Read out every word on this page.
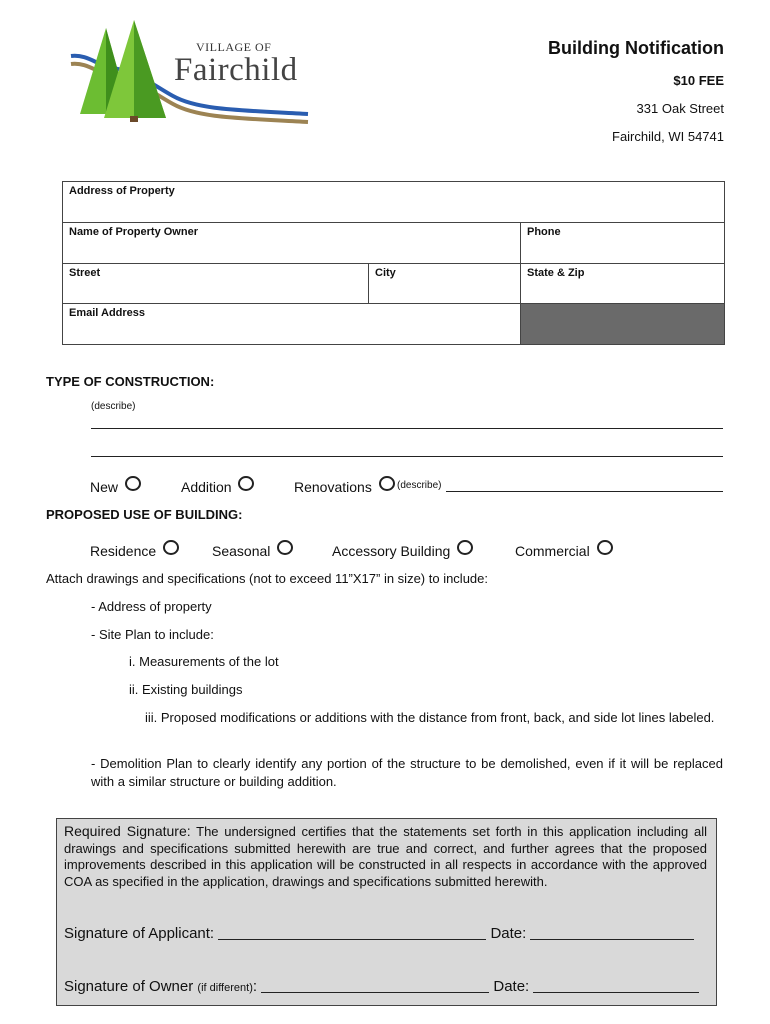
VILLAGE OF
Fairchild
Building Notification
$10 FEE
331 Oak Street
Fairchild, WI 54741
Address of Property
Name of Property Owner	Phone
Street	City	State & Zip
Email Address
TYPE OF CONSTRUCTION:
(describe)
New	Addition	Renovations	(describe)
PROPOSED USE OF BUILDING:
Residence	Seasonal	Accessory Building	Commercial
Attach drawings and specifications (not to exceed 11”X17” in size) to include:
- Address of property
- Site Plan to include:
i. Measurements of the lot
ii. Existing buildings
iii. Proposed modifications or additions with the distance from front, back, and side lot lines labeled.
- Demolition Plan to clearly identify any portion of the structure to be demolished, even if it will be replaced with a similar structure or building addition.
Required Signature: The undersigned certifies that the statements set forth in this application including all drawings and specifications submitted herewith are true and correct, and further agrees that the proposed improvements described in this application will be constructed in all respects in accordance with the approved COA as specified in the application, drawings and specifications submitted herewith.
Signature of Applicant:	Date:
Signature of Owner (if different):	Date:
